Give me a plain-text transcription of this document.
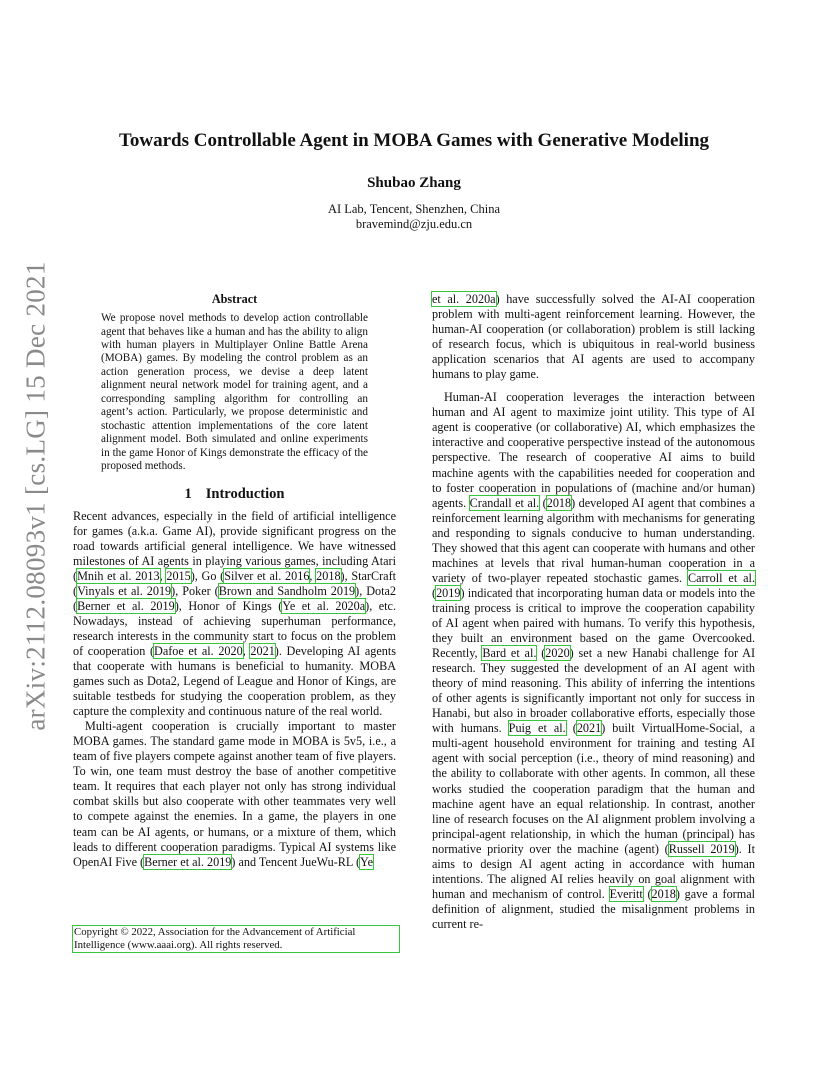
arXiv:2112.08093v1 [cs.LG] 15 Dec 2021
Towards Controllable Agent in MOBA Games with Generative Modeling
Shubao Zhang
AI Lab, Tencent, Shenzhen, China
bravemind@zju.edu.cn
Abstract
We propose novel methods to develop action controllable agent that behaves like a human and has the ability to align with human players in Multiplayer Online Battle Arena (MOBA) games. By modeling the control problem as an action generation process, we devise a deep latent alignment neural network model for training agent, and a corresponding sampling algorithm for controlling an agent’s action. Particularly, we propose deterministic and stochastic attention implementations of the core latent alignment model. Both simulated and online experiments in the game Honor of Kings demonstrate the efficacy of the proposed methods.
1 Introduction

Recent advances, especially in the field of artificial intelligence for games (a.k.a. Game AI), provide significant progress on the road towards artificial general intelligence. We have witnessed milestones of AI agents in playing various games, including Atari (Mnih et al. 2013, 2015), Go (Silver et al. 2016, 2018), StarCraft (Vinyals et al. 2019), Poker (Brown and Sandholm 2019), Dota2 (Berner et al. 2019), Honor of Kings (Ye et al. 2020a), etc. Nowadays, instead of achieving superhuman performance, research interests in the community start to focus on the problem of cooperation (Dafoe et al. 2020, 2021). Developing AI agents that cooperate with humans is beneficial to humanity. MOBA games such as Dota2, Legend of League and Honor of Kings, are suitable testbeds for studying the cooperation problem, as they capture the complexity and continuous nature of the real world.

Multi-agent cooperation is crucially important to master MOBA games. The standard game mode in MOBA is 5v5, i.e., a team of five players compete against another team of five players. To win, one team must destroy the base of another competitive team. It requires that each player not only has strong individual combat skills but also cooperate with other teammates very well to compete against the enemies. In a game, the players in one team can be AI agents, or humans, or a mixture of them, which leads to different cooperation paradigms. Typical AI systems like OpenAI Five (Berner et al. 2019) and Tencent JueWu-RL (Ye

et al. 2020a) have successfully solved the AI-AI cooperation problem with multi-agent reinforcement learning. However, the human-AI cooperation (or collaboration) problem is still lacking of research focus, which is ubiquitous in real-world business application scenarios that AI agents are used to accompany humans to play game.

Human-AI cooperation leverages the interaction between human and AI agent to maximize joint utility. This type of AI agent is cooperative (or collaborative) AI, which emphasizes the interactive and cooperative perspective instead of the autonomous perspective. The research of cooperative AI aims to build machine agents with the capabilities needed for cooperation and to foster cooperation in populations of (machine and/or human) agents. Crandall et al. (2018) developed AI agent that combines a reinforcement learning algorithm with mechanisms for generating and responding to signals conducive to human understanding. They showed that this agent can cooperate with humans and other machines at levels that rival human-human cooperation in a variety of two-player repeated stochastic games. Carroll et al. (2019) indicated that incorporating human data or models into the training process is critical to improve the cooperation capability of AI agent when paired with humans. To verify this hypothesis, they built an environment based on the game Overcooked. Recently, Bard et al. (2020) set a new Hanabi challenge for AI research. They suggested the development of an AI agent with theory of mind reasoning. This ability of inferring the intentions of other agents is significantly important not only for success in Hanabi, but also in broader collaborative efforts, especially those with humans. Puig et al. (2021) built VirtualHome-Social, a multi-agent household environment for training and testing AI agent with social perception (i.e., theory of mind reasoning) and the ability to collaborate with other agents. In common, all these works studied the cooperation paradigm that the human and machine agent have an equal relationship. In contrast, another line of research focuses on the AI alignment problem involving a principal-agent relationship, in which the human (principal) has normative priority over the machine (agent) (Russell 2019). It aims to design AI agent acting in accordance with human intentions. The aligned AI relies heavily on goal alignment with human and mechanism of control. Everitt (2018) gave a formal definition of alignment, studied the misalignment problems in current re-

Copyright © 2022, Association for the Advancement of Artificial Intelligence (www.aaai.org). All rights reserved.
